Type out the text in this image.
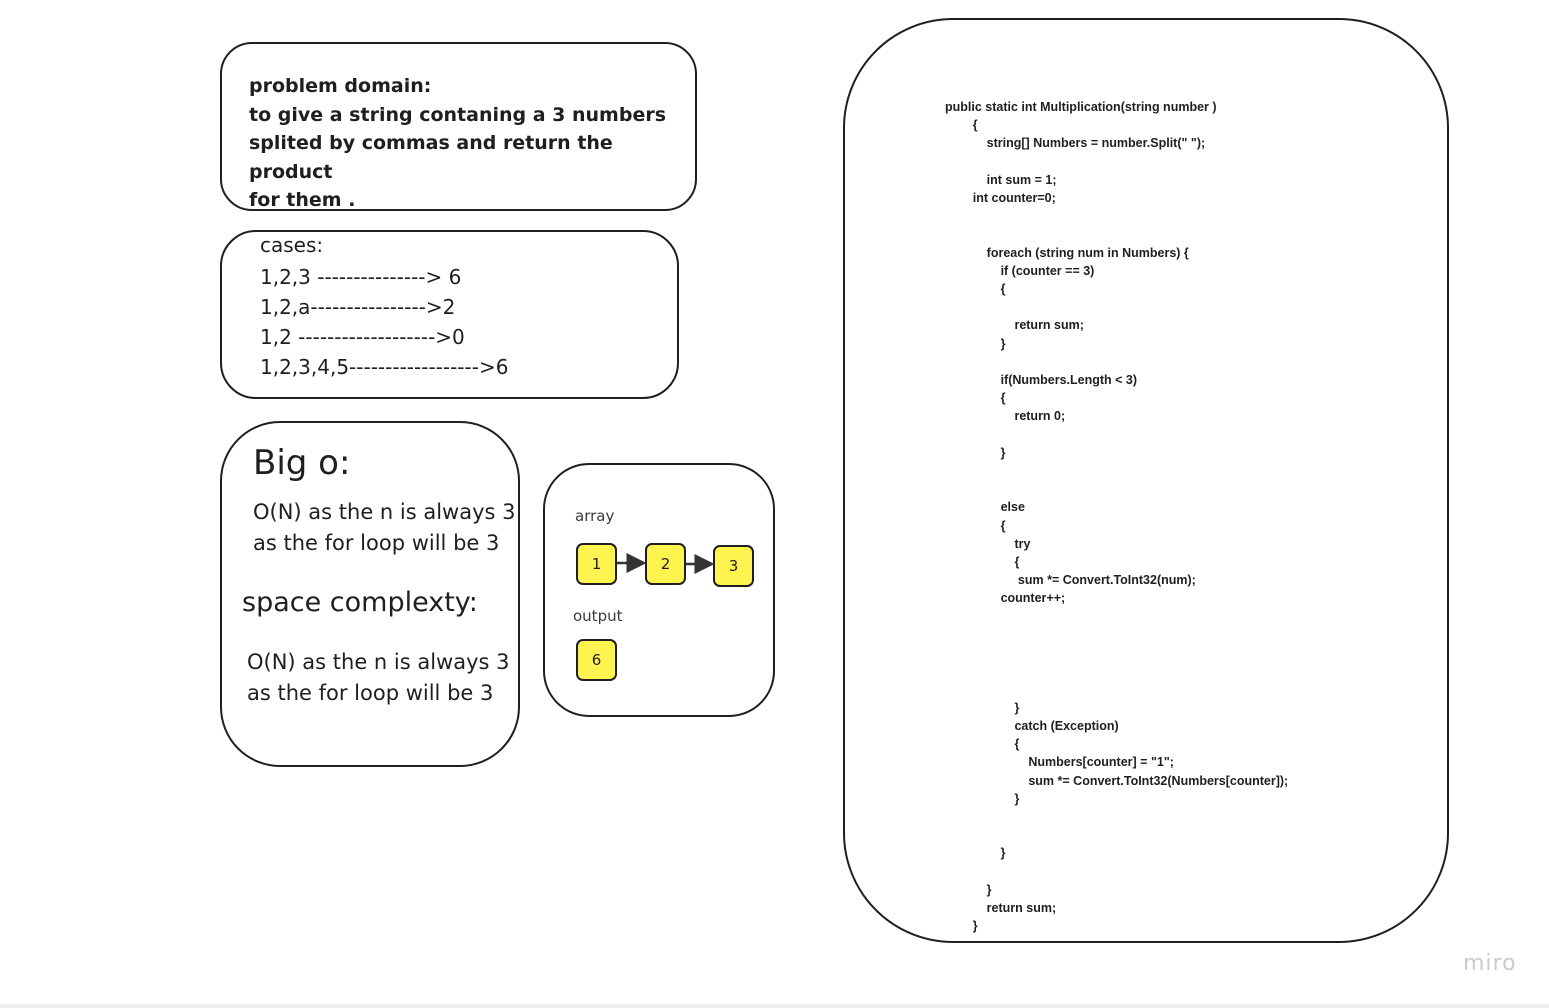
problem domain:
to give a string contaning a 3 numbers
splited by commas and return the product
for them .
cases:
1,2,3 ---------------> 6
1,2,a---------------->2
1,2 ------------------->0
1,2,3,4,5------------------>6
Big o:
O(N) as the n is always 3
as the for loop will be 3
space complexty:
O(N) as the n is always 3
as the for loop will be 3
array
1	2	3
output
6
public static int Multiplication(string number )
{
string[] Numbers = number.Split(" ");

int sum = 1;
int counter=0;

foreach (string num in Numbers) {
if (counter == 3)
{

return sum;
}

if(Numbers.Length < 3)
{
return 0;

}

else
{
try
{
sum *= Convert.ToInt32(num);
counter++;

}
catch (Exception)
{
Numbers[counter] = "1";
sum *= Convert.ToInt32(Numbers[counter]);
}

}

}
return sum;
}
miro
